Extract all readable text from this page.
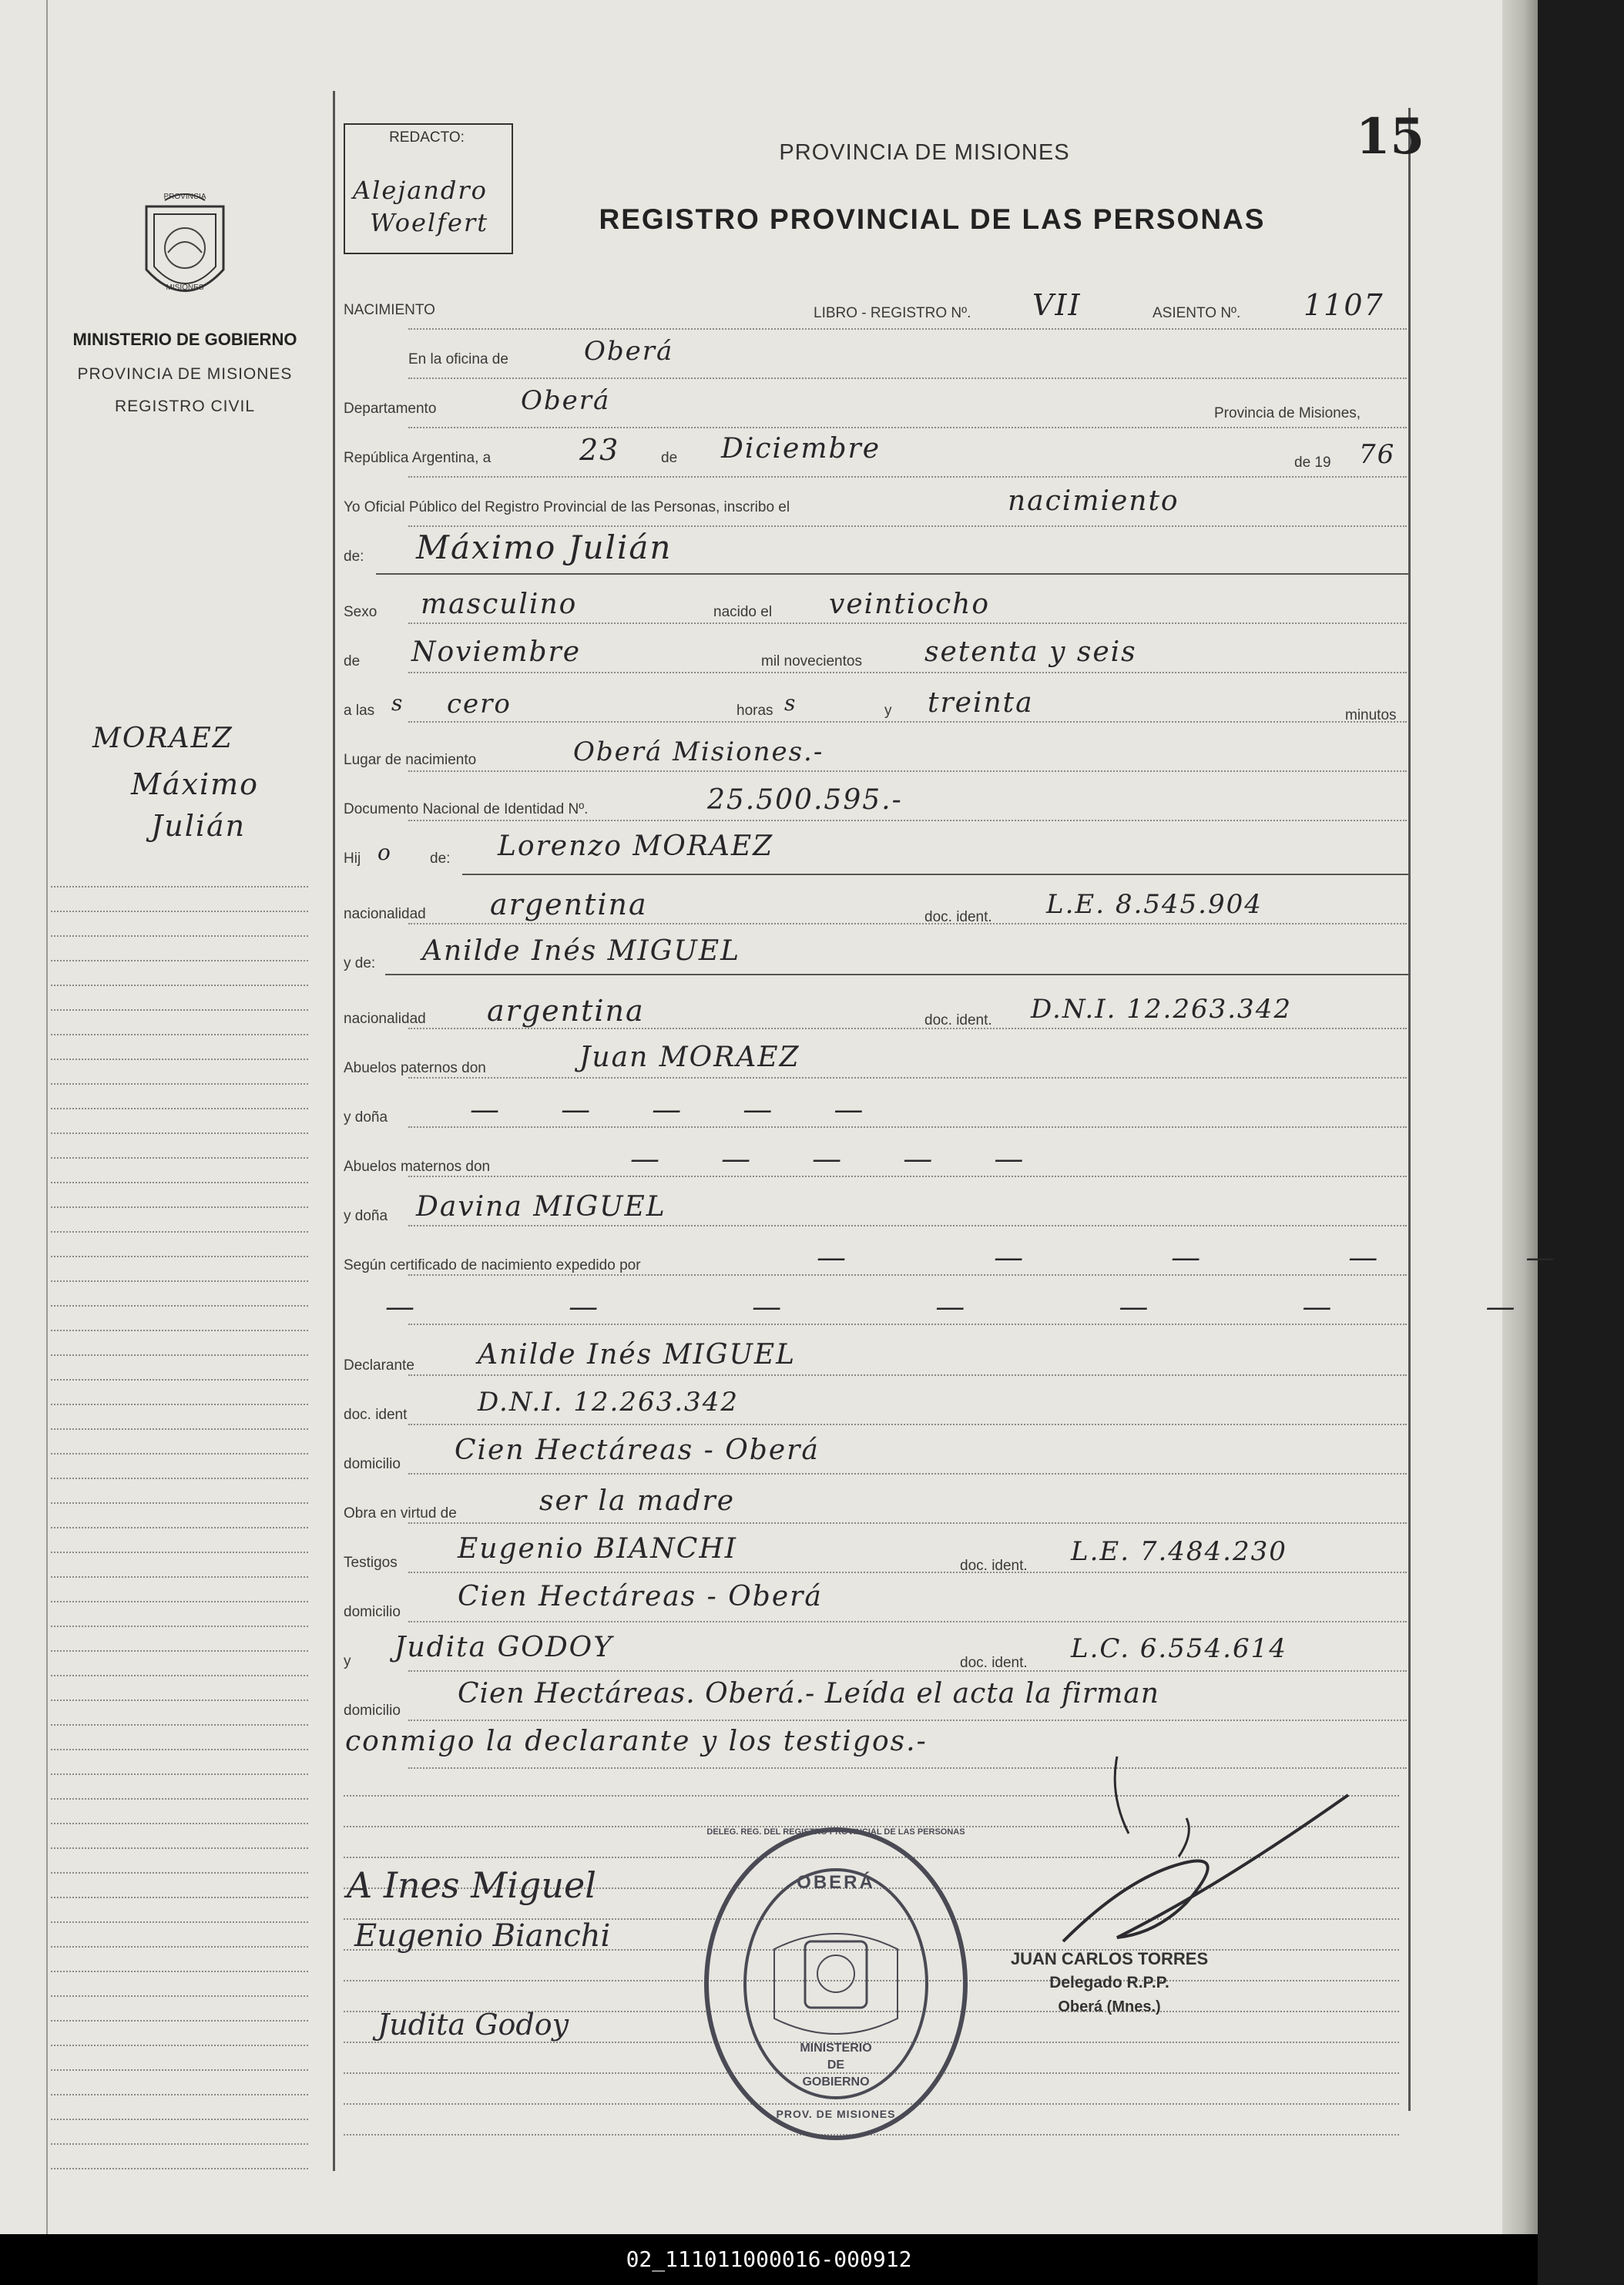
15
PROVINCIA
MISIONES
MINISTERIO DE GOBIERNO
PROVINCIA DE MISIONES
REGISTRO CIVIL
REDACTO:
Alejandro
Woelfert
PROVINCIA DE MISIONES
REGISTRO PROVINCIAL DE LAS PERSONAS
MORAEZ
Máximo
Julián
NACIMIENTO	LIBRO - REGISTRO Nº. VII	ASIENTO Nº. 1107
En la oficina de	Oberá
Departamento	Oberá	Provincia de Misiones,
República Argentina, a	23	de Diciembre	de 19 76
Yo Oficial Público del Registro Provincial de las Personas, inscribo el	nacimiento
de: Máximo Julián
Sexo masculino	nacido el veintiocho
de Noviembre	mil novecientos setenta y seis
a las s cero	horas s	y treinta	minutos
Lugar de nacimiento	Oberá Misiones.-
Documento Nacional de Identidad Nº.	25.500.595.-
Hij o	de: Lorenzo MORAEZ
nacionalidad argentina	doc. ident. L.E. 8.545.904
y de: Anilde Inés MIGUEL
nacionalidad argentina	doc. ident. D.N.I. 12.263.342
Abuelos paternos don	Juan MORAEZ
y doña	— — — — —
Abuelos maternos don	— — — — —
y doña Davina MIGUEL
Según certificado de nacimiento expedido por	— — — — —
— — — — — — —
Declarante Anilde Inés MIGUEL
doc. ident	D.N.I. 12.263.342
domicilio Cien Hectáreas - Oberá
Obra en virtud de	ser la madre
Testigos Eugenio BIANCHI
doc. ident. L.E. 7.484.230
domicilio Cien Hectáreas - Oberá
y Judita GODOY	doc. ident. L.C. 6.554.614
domicilio
Cien Hectáreas. Oberá.- Leída el acta la firman
conmigo la declarante y los testigos.-
A Ines Miguel
Eugenio Bianchi
Judita Godoy
DELEG. REG. DEL REGISTRO PROVINCIAL DE LAS PERSONAS
OBERÁ
MINISTERIO
DE
GOBIERNO
PROV. DE MISIONES
JUAN CARLOS TORRES
Delegado R.P.P.
Oberá (Mnes.)
02_111011000016-000912
